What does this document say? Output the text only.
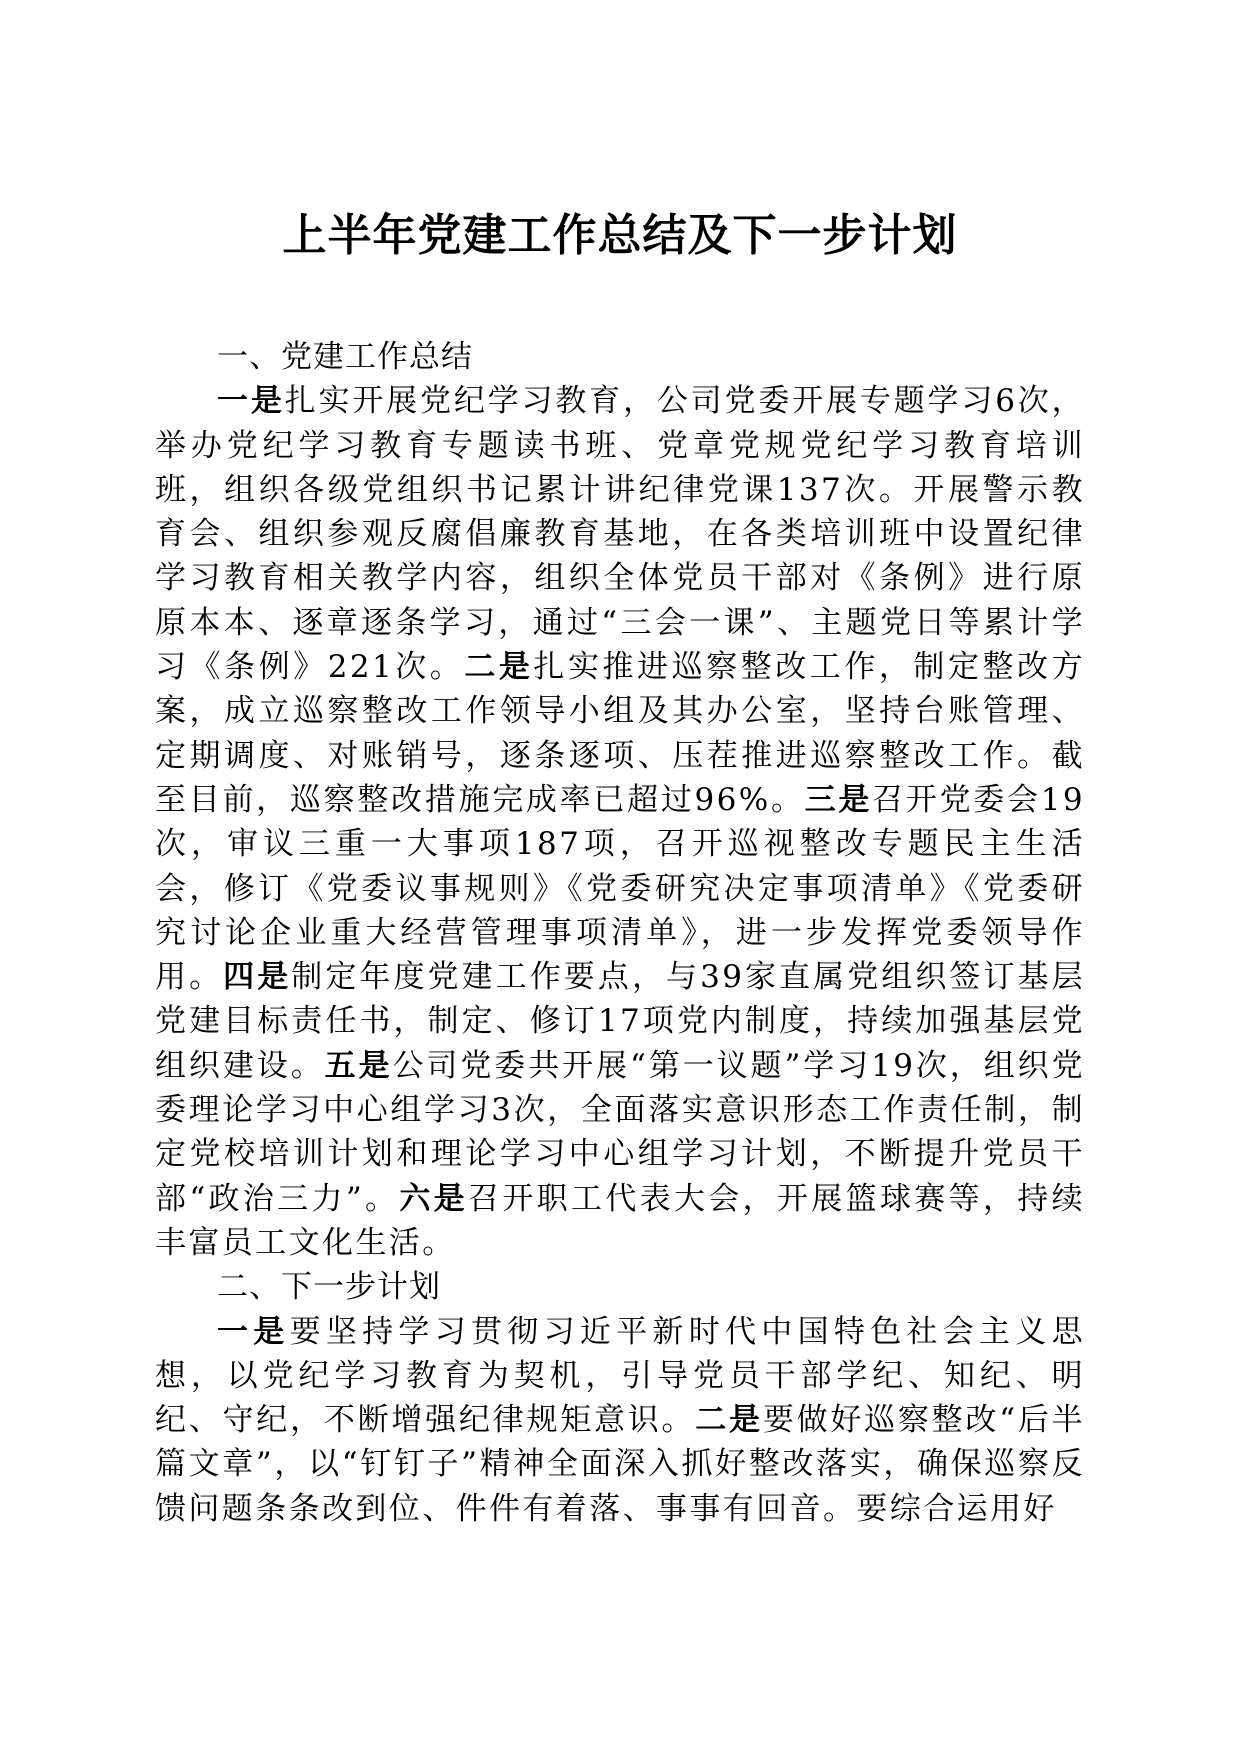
上半年党建工作总结及下一步计划
一、党建工作总结

一是扎实开展党纪学习教育，公司党委开展专题学习6次，举办党纪学习教育专题读书班、党章党规党纪学习教育培训班，组织各级党组织书记累计讲纪律党课137次。开展警示教育会、组织参观反腐倡廉教育基地，在各类培训班中设置纪律学习教育相关教学内容，组织全体党员干部对《条例》进行原原本本、逐章逐条学习，通过“三会一课”、主题党日等累计学习《条例》221次。二是扎实推进巡察整改工作，制定整改方案，成立巡察整改工作领导小组及其办公室，坚持台账管理、定期调度、对账销号，逐条逐项、压茬推进巡察整改工作。截至目前，巡察整改措施完成率已超过96%。三是召开党委会19次，审议三重一大事项187项，召开巡视整改专题民主生活会，修订《党委议事规则》《党委研究决定事项清单》《党委研究讨论企业重大经营管理事项清单》，进一步发挥党委领导作用。四是制定年度党建工作要点，与39家直属党组织签订基层党建目标责任书，制定、修订17项党内制度，持续加强基层党组织建设。五是公司党委共开展“第一议题”学习19次，组织党委理论学习中心组学习3次，全面落实意识形态工作责任制，制定党校培训计划和理论学习中心组学习计划，不断提升党员干部“政治三力”。六是召开职工代表大会，开展篮球赛等，持续丰富员工文化生活。

二、下一步计划

一是要坚持学习贯彻习近平新时代中国特色社会主义思想，以党纪学习教育为契机，引导党员干部学纪、知纪、明纪、守纪，不断增强纪律规矩意识。二是要做好巡察整改“后半篇文章”，以“钉钉子”精神全面深入抓好整改落实，确保巡察反馈问题条条改到位、件件有着落、事事有回音。要综合运用好
